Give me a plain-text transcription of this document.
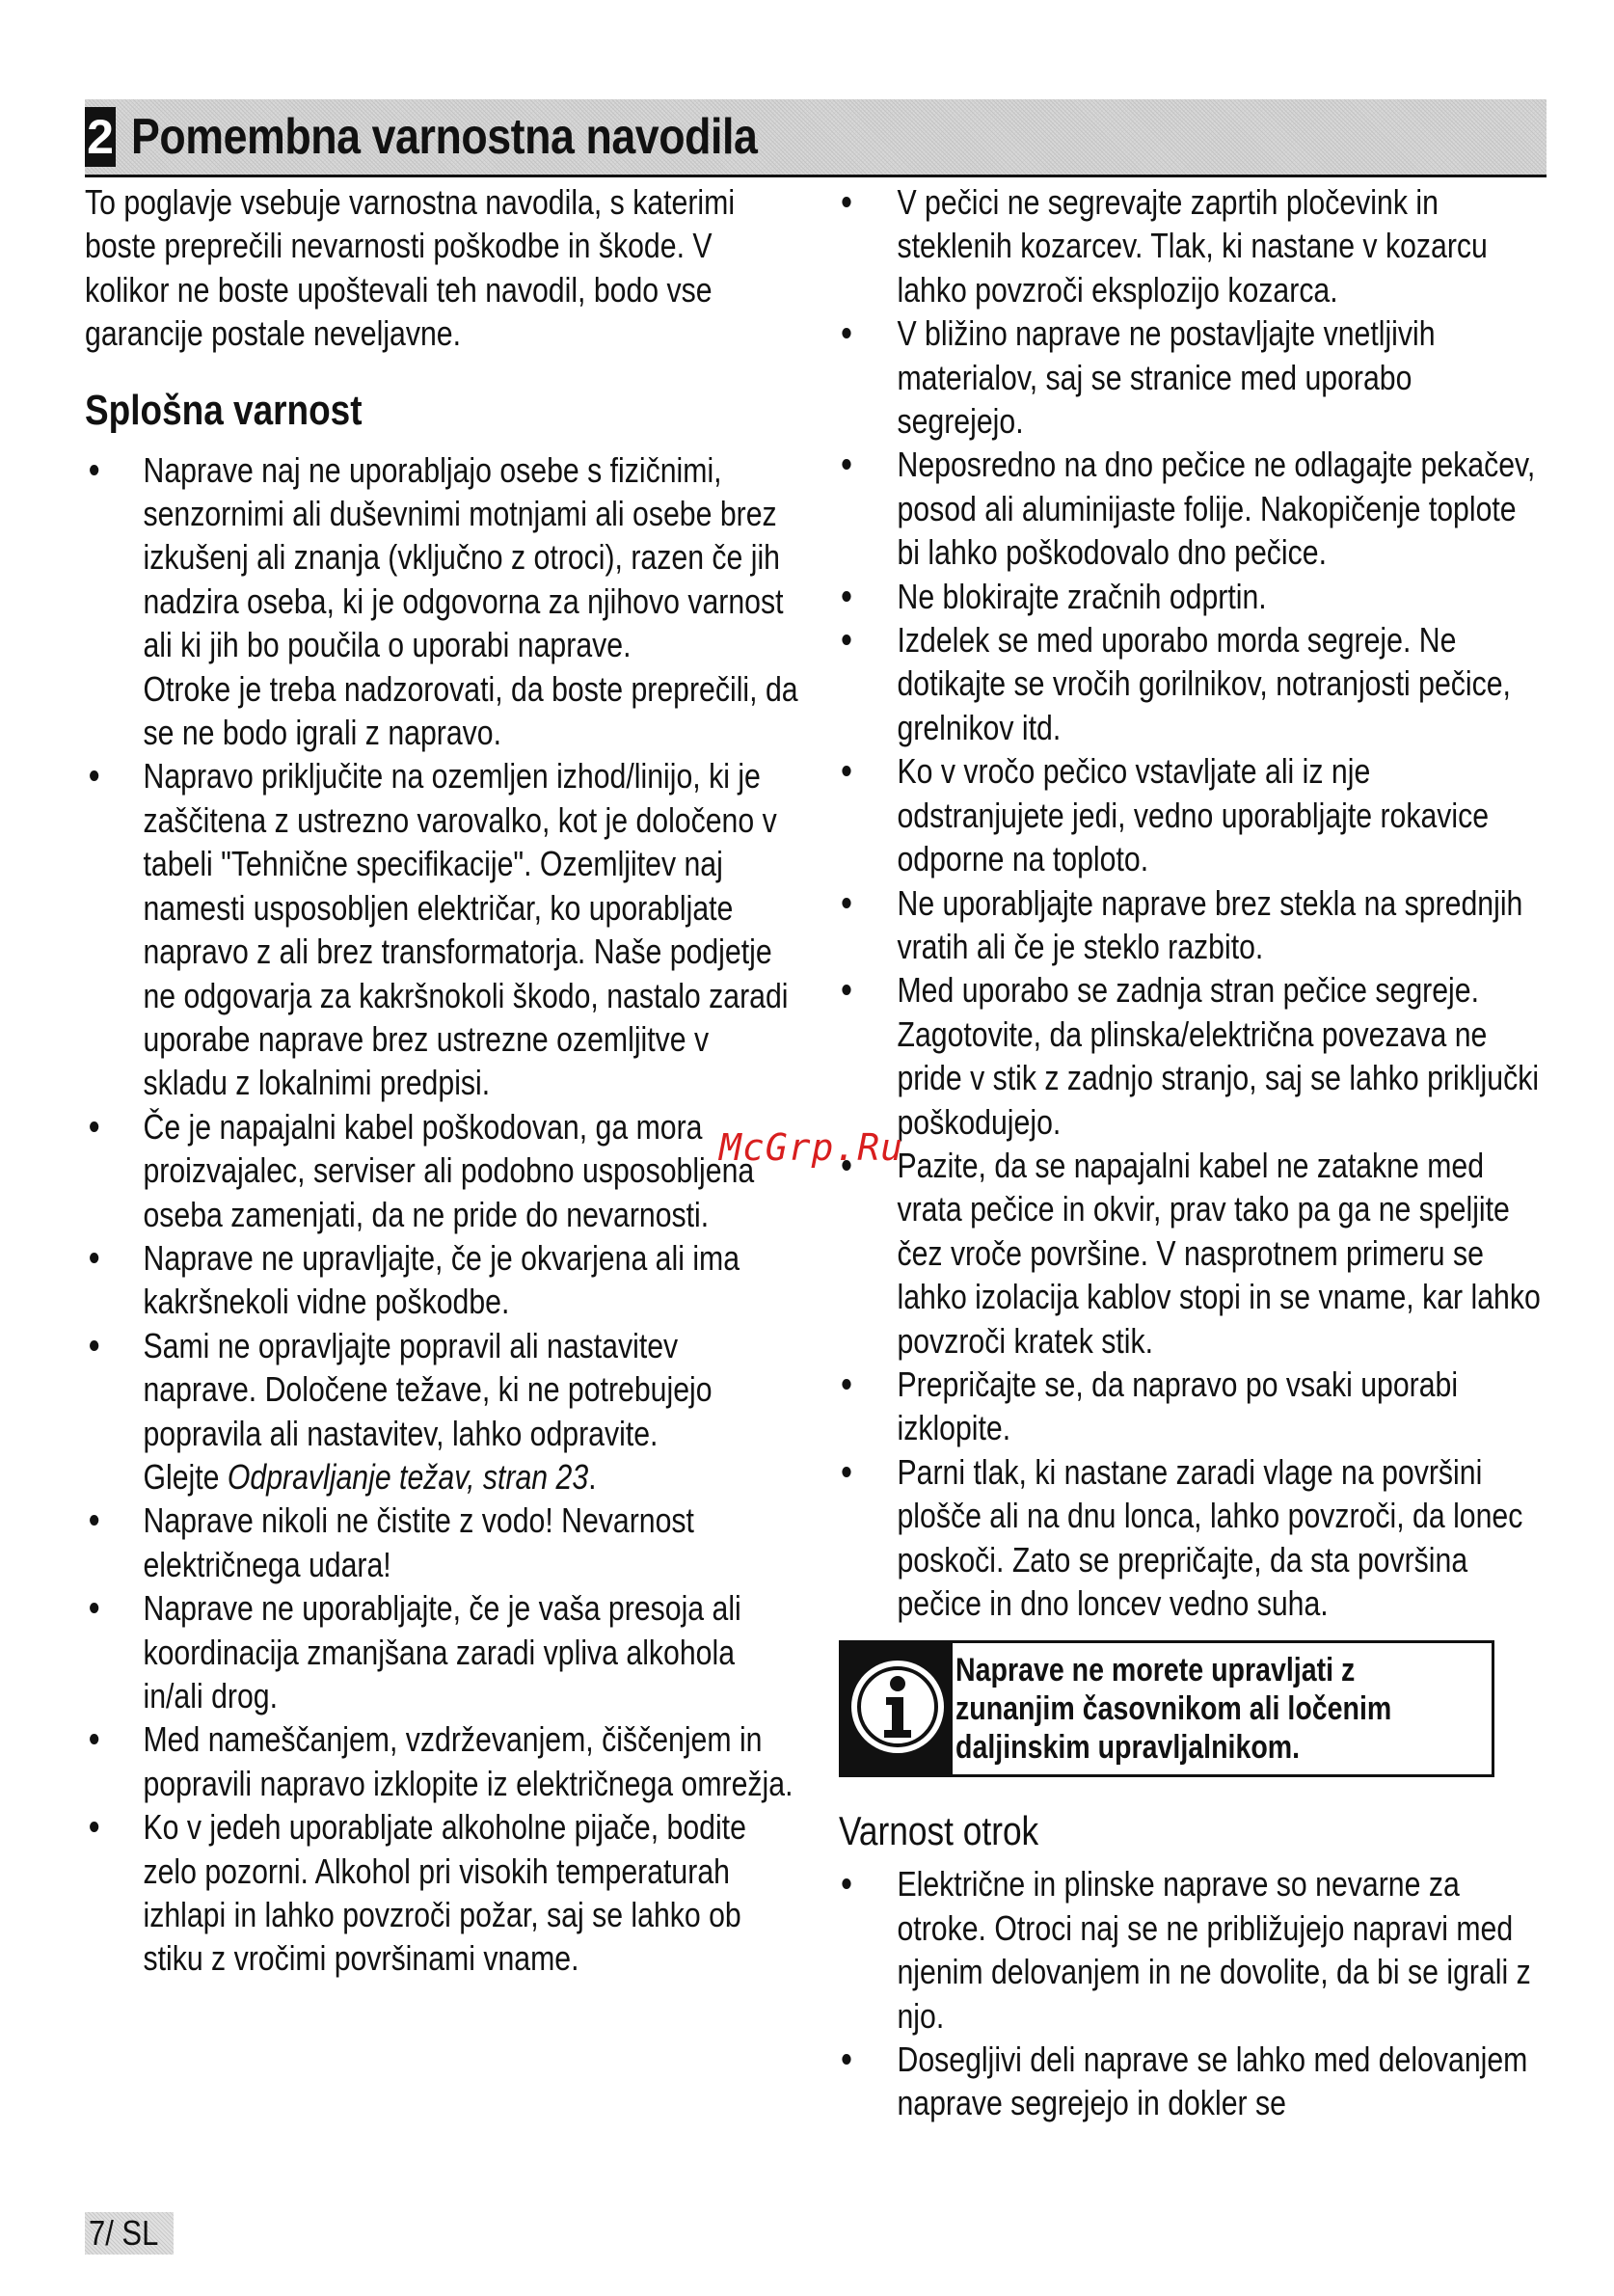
2 Pomembna varnostna navodila

To poglavje vsebuje varnostna navodila, s katerimi boste preprečili nevarnosti poškodbe in škode. V kolikor ne boste upoštevali teh navodil, bodo vse garancije postale neveljavne.

Splošna varnost
Naprave naj ne uporabljajo osebe s fizičnimi, senzornimi ali duševnimi motnjami ali osebe brez izkušenj ali znanja (vključno z otroci), razen če jih nadzira oseba, ki je odgovorna za njihovo varnost ali ki jih bo poučila o uporabi naprave.
Otroke je treba nadzorovati, da boste preprečili, da se ne bodo igrali z napravo.
Napravo priključite na ozemljen izhod/linijo, ki je zaščitena z ustrezno varovalko, kot je določeno v tabeli "Tehnične specifikacije". Ozemljitev naj namesti usposobljen električar, ko uporabljate napravo z ali brez transformatorja. Naše podjetje ne odgovarja za kakršnokoli škodo, nastalo zaradi uporabe naprave brez ustrezne ozemljitve v skladu z lokalnimi predpisi.
Če je napajalni kabel poškodovan, ga mora proizvajalec, serviser ali podobno usposobljena oseba zamenjati, da ne pride do nevarnosti.
Naprave ne upravljajte, če je okvarjena ali ima kakršnekoli vidne poškodbe.
Sami ne opravljajte popravil ali nastavitev naprave. Določene težave, ki ne potrebujejo popravila ali nastavitev, lahko odpravite.
Glejte Odpravljanje težav, stran 23.
Naprave nikoli ne čistite z vodo! Nevarnost električnega udara!
Naprave ne uporabljajte, če je vaša presoja ali koordinacija zmanjšana zaradi vpliva alkohola in/ali drog.
Med nameščanjem, vzdrževanjem, čiščenjem in popravili napravo izklopite iz električnega omrežja.
Ko v jedeh uporabljate alkoholne pijače, bodite zelo pozorni. Alkohol pri visokih temperaturah izhlapi in lahko povzroči požar, saj se lahko ob stiku z vročimi površinami vname.
V pečici ne segrevajte zaprtih pločevink in steklenih kozarcev. Tlak, ki nastane v kozarcu lahko povzroči eksplozijo kozarca.
V bližino naprave ne postavljajte vnetljivih materialov, saj se stranice med uporabo segrejejo.
Neposredno na dno pečice ne odlagajte pekačev, posod ali aluminijaste folije. Nakopičenje toplote bi lahko poškodovalo dno pečice.
Ne blokirajte zračnih odprtin.
Izdelek se med uporabo morda segreje. Ne dotikajte se vročih gorilnikov, notranjosti pečice, grelnikov itd.
Ko v vročo pečico vstavljate ali iz nje odstranjujete jedi, vedno uporabljajte rokavice odporne na toploto.
Ne uporabljajte naprave brez stekla na sprednjih vratih ali če je steklo razbito.
Med uporabo se zadnja stran pečice segreje. Zagotovite, da plinska/električna povezava ne pride v stik z zadnjo stranjo, saj se lahko priključki poškodujejo.
Pazite, da se napajalni kabel ne zatakne med vrata pečice in okvir, prav tako pa ga ne speljite čez vroče površine. V nasprotnem primeru se lahko izolacija kablov stopi in se vname, kar lahko povzroči kratek stik.
Prepričajte se, da napravo po vsaki uporabi izklopite.
Parni tlak, ki nastane zaradi vlage na površini plošče ali na dnu lonca, lahko povzroči, da lonec poskoči. Zato se prepričajte, da sta površina pečice in dno loncev vedno suha.
Naprave ne morete upravljati z zunanjim časovnikom ali ločenim daljinskim upravljalnikom.
Varnost otrok
Električne in plinske naprave so nevarne za otroke. Otroci naj se ne približujejo napravi med njenim delovanjem in ne dovolite, da bi se igrali z njo.
Dosegljivi deli naprave se lahko med delovanjem naprave segrejejo in dokler se
McGrp.Ru
7/ SL
